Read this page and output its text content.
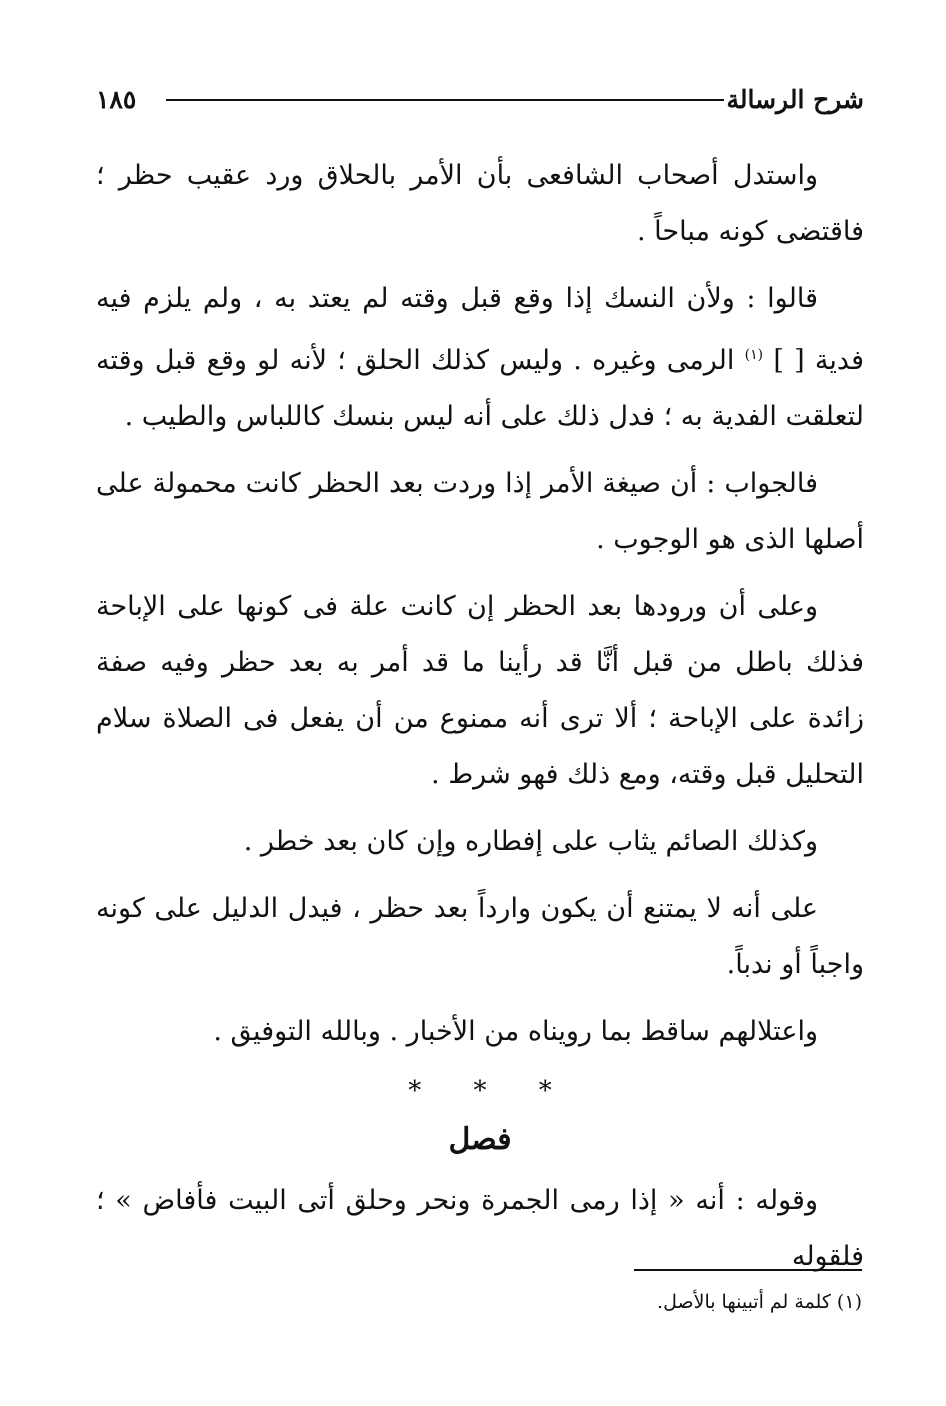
شرح الرسالة
١٨٥

واستدل أصحاب الشافعى بأن الأمر بالحلاق ورد عقيب حظر ؛ فاقتضى كونه مباحاً .

قالوا : ولأن النسك إذا وقع قبل وقته لم يعتد به ، ولم يلزم فيه فدية [ ] $^{(١)}$ الرمى وغيره . وليس كذلك الحلق ؛ لأنه لو وقع قبل وقته لتعلقت الفدية به ؛ فدل ذلك على أنه ليس بنسك كاللباس والطيب .

فالجواب : أن صيغة الأمر إذا وردت بعد الحظر كانت محمولة على أصلها الذى هو الوجوب .

وعلى أن ورودها بعد الحظر إن كانت علة فى كونها على الإباحة فذلك باطل من قبل أنَّا قد رأينا ما قد أمر به بعد حظر وفيه صفة زائدة على الإباحة ؛ ألا ترى أنه ممنوع من أن يفعل فى الصلاة سلام التحليل قبل وقته، ومع ذلك فهو شرط .

وكذلك الصائم يثاب على إفطاره وإن كان بعد خطر .

على أنه لا يمتنع أن يكون وارداً بعد حظر ، فيدل الدليل على كونه واجباً أو ندباً.

واعتلالهم ساقط بما رويناه من الأخبار . وبالله التوفيق .

* * *
فصل

وقوله : أنه « إذا رمى الجمرة ونحر وحلق أتى البيت فأفاض » ؛ فلقوله

(١) كلمة لم أتبينها بالأصل.
